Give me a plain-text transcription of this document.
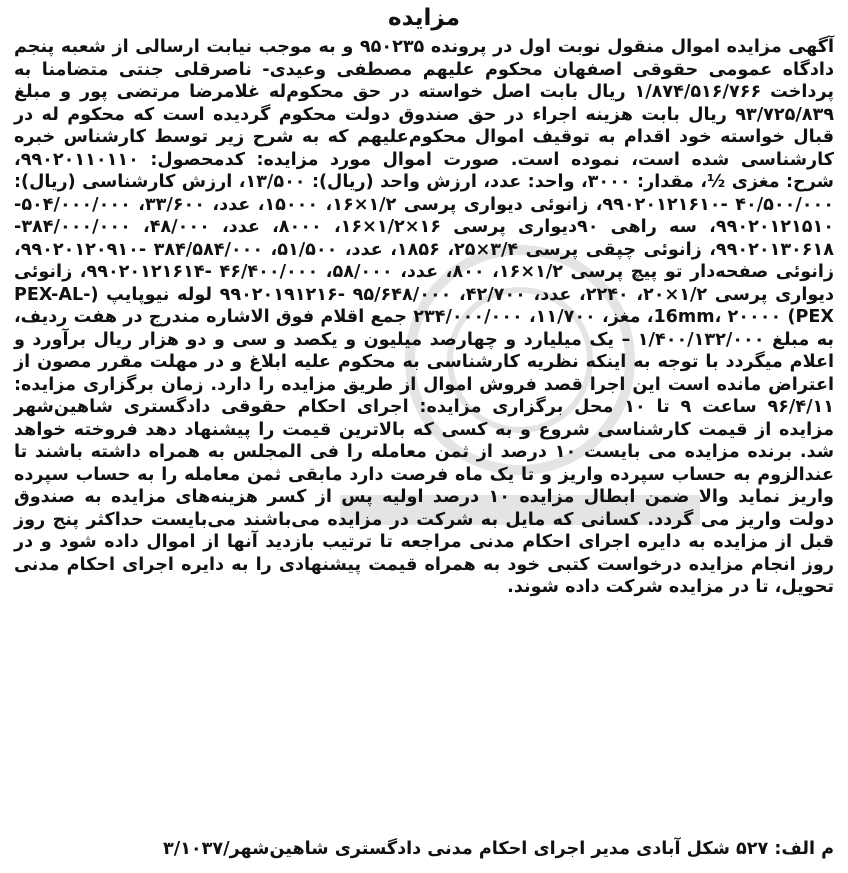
مزایده

آگهی مزایده اموال منقول نوبت اول در پرونده ۹۵۰۲۳۵ و به موجب نیابت ارسالی از شعبه پنجم دادگاه عمومی حقوقی اصفهان محکوم علیهم مصطفی وعیدی- ناصرقلی جنتی متضامنا به پرداخت ۱/۸۷۴/۵۱۶/۷۶۶ ریال بابت اصل خواسته در حق محکوم‌له غلامرضا مرتضی پور و مبلغ ۹۳/۷۲۵/۸۳۹ ریال بابت هزینه اجراء در حق صندوق دولت محکوم گردیده است که محکوم له در قبال خواسته خود اقدام به توقیف اموال محکوم‌علیهم که به شرح زیر توسط کارشناس خبره کارشناسی شده است، نموده است. صورت اموال مورد مزایده: کدمحصول: ۹۹۰۲۰۱۱۰۱۱۰، شرح: مغزی ½، مقدار: ۳۰۰۰، واحد: عدد، ارزش واحد (ریال): ۱۳/۵۰۰، ارزش کارشناسی (ریال): ۴۰/۵۰۰/۰۰۰ -۹۹۰۲۰۱۲۱۶۱۰، زانوئی دیواری پرسی ۱/۲×۱۶، ۱۵۰۰۰، عدد، ۳۳/۶۰۰، ۵۰۴/۰۰۰/۰۰۰- ۹۹۰۲۰۱۲۱۵۱۰، سه راهی ۹۰دیواری پرسی ۱۶×۱/۲×۱۶، ۸۰۰۰، عدد، ۴۸/۰۰۰، ۳۸۴/۰۰۰/۰۰۰- ۹۹۰۲۰۱۳۰۶۱۸، زانوئی چپقی پرسی ۳/۴×۲۵، ۱۸۵۶، عدد، ۵۱/۵۰۰، ۳۸۴/۵۸۴/۰۰۰ -۹۹۰۲۰۱۲۰۹۱۰، زانوئی صفحه‌دار تو پیچ پرسی ۱/۲×۱۶، ۸۰۰، عدد، ۵۸/۰۰۰، ۴۶/۴۰۰/۰۰۰ -۹۹۰۲۰۱۲۱۶۱۴، زانوئی دیواری پرسی ۱/۲×۲۰، ۲۲۴۰، عدد، ۴۲/۷۰۰، ۹۵/۶۴۸/۰۰۰ -۹۹۰۲۰۱۹۱۲۱۶ لوله نیوپایپ (PEX-AL-PEX) 16mm، ۲۰۰۰۰، مغز، ۱۱/۷۰۰، ۲۳۴/۰۰۰/۰۰۰ جمع اقلام فوق الاشاره مندرج در هفت ردیف، به مبلغ ۱/۴۰۰/۱۳۲/۰۰۰ – یک میلیارد و چهارصد میلیون و یکصد و سی و دو هزار ریال برآورد و اعلام میگردد با توجه به اینکه نظریه کارشناسی به محکوم علیه ابلاغ و در مهلت مقرر مصون از اعتراض مانده است این اجرا قصد فروش اموال از طریق مزایده را دارد. زمان برگزاری مزایده: ۹۶/۴/۱۱ ساعت ۹ تا ۱۰ محل برگزاری مزایده: اجرای احکام حقوقی دادگستری شاهین‌شهر مزایده از قیمت کارشناسی شروع و به کسی که بالاترین قیمت را پیشنهاد دهد فروخته خواهد شد. برنده مزایده می بایست ۱۰ درصد از ثمن معامله را فی المجلس به همراه داشته باشند تا عندالزوم به حساب سپرده واریز و تا یک ماه فرصت دارد مابقی ثمن معامله را به حساب سپرده واریز نماید والا ضمن ابطال مزایده ۱۰ درصد اولیه پس از کسر هزینه‌های مزایده به صندوق دولت واریز می گردد. کسانی که مایل به شرکت در مزایده می‌باشند می‌بایست حداکثر پنج روز قبل از مزایده به دایره اجرای احکام مدنی مراجعه تا ترتیب بازدید آنها از اموال داده شود و در روز انجام مزایده درخواست کتبی خود به همراه قیمت پیشنهادی را به دایره اجرای احکام مدنی تحویل، تا در مزایده شرکت داده شوند.

م الف: ۵۲۷ شکل آبادی مدیر اجرای احکام مدنی دادگستری شاهین‌شهر/۳/۱۰۳۷
